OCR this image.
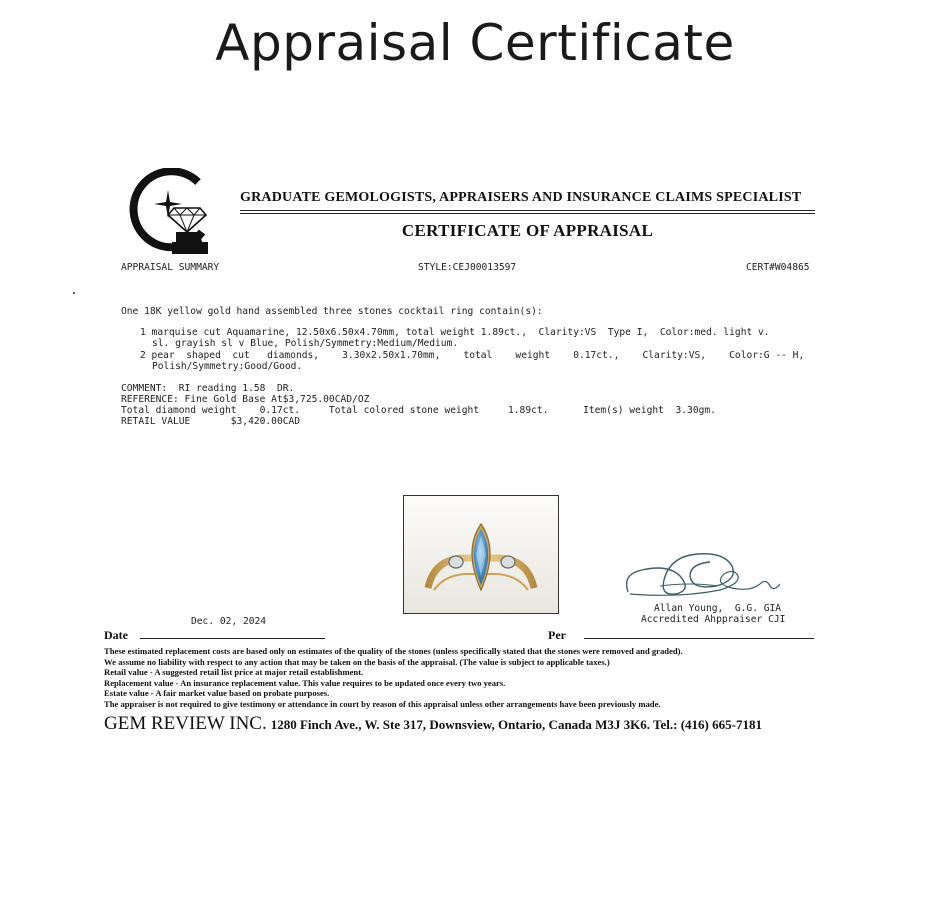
Appraisal Certificate
GRADUATE GEMOLOGISTS, APPRAISERS AND INSURANCE CLAIMS SPECIALIST
CERTIFICATE OF APPRAISAL
APPRAISAL SUMMARY	STYLE:CEJ00013597	CERT#W04865
One 18K yellow gold hand assembled three stones cocktail ring contain(s):
1 marquise cut Aquamarine, 12.50x6.50x4.70mm, total weight 1.89ct.,  Clarity:VS  Type I,  Color:med. light v.
sl. grayish sl v Blue, Polish/Symmetry:Medium/Medium.
2 pear  shaped  cut   diamonds,    3.30x2.50x1.70mm,    total    weight    0.17ct.,    Clarity:VS,    Color:G -- H,
Polish/Symmetry:Good/Good.
COMMENT:  RI reading 1.58  DR.
REFERENCE: Fine Gold Base At$3,725.00CAD/OZ
Total diamond weight    0.17ct.     Total colored stone weight     1.89ct.      Item(s) weight  3.30gm.
RETAIL VALUE       $3,420.00CAD
Dec. 02, 2024
Date
Allan Young,  G.G. GIA
Accredited Ahppraiser CJI
Per
These estimated replacement costs are based only on estimates of the quality of the stones (unless specifically stated that the stones were removed and graded).
We assume no liability with respect to any action that may be taken on the basis of the appraisal. (The value is subject to applicable taxes.)
Retail value - A suggested retail list price at major retail establishment.
Replacement value - An insurance replacement value. This value requires to be updated once every two years.
Estate value - A fair market value based on probate purposes.
The appraiser is not required to give testimony or attendance in court by reason of this appraisal unless other arrangements have been previously made.
GEM REVIEW INC. 1280 Finch Ave., W. Ste 317, Downsview, Ontario, Canada M3J 3K6. Tel.: (416) 665-7181
